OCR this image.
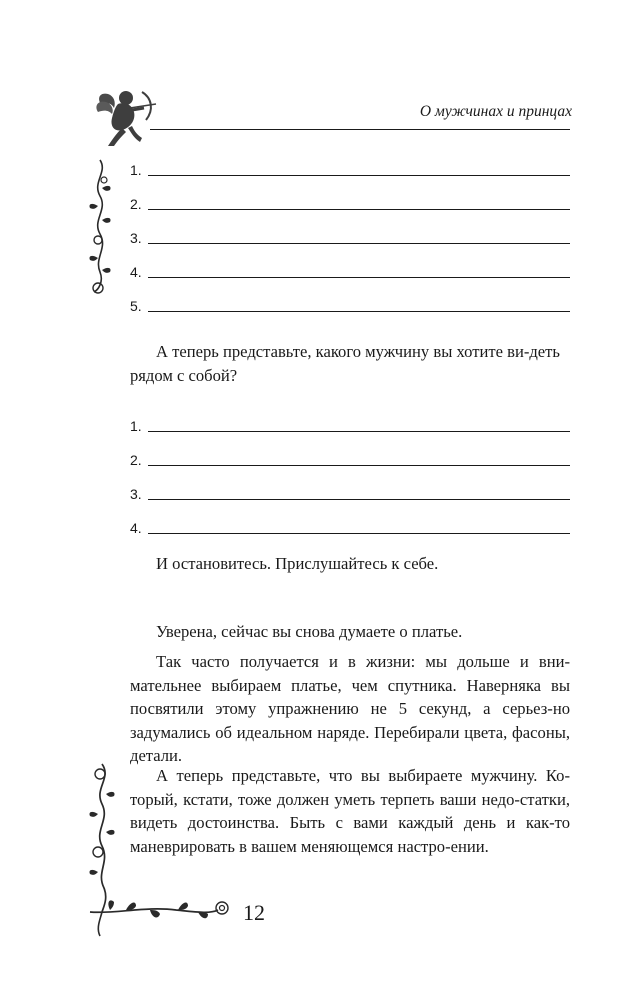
О мужчинах и принцах
1.
2.
3.
4.
5.

А теперь представьте, какого мужчину вы хотите ви-деть рядом с собой?

1.
2.
3.
4.

И остановитесь. Прислушайтесь к себе.

Уверена, сейчас вы снова думаете о платье.

Так часто получается и в жизни: мы дольше и вни-мательнее выбираем платье, чем спутника. Наверняка вы посвятили этому упражнению не 5 секунд, а серьез-но задумались об идеальном наряде. Перебирали цвета, фасоны, детали.

А теперь представьте, что вы выбираете мужчину. Ко-торый, кстати, тоже должен уметь терпеть ваши недо-статки, видеть достоинства. Быть с вами каждый день и как-то маневрировать в вашем меняющемся настро-ении.

12
